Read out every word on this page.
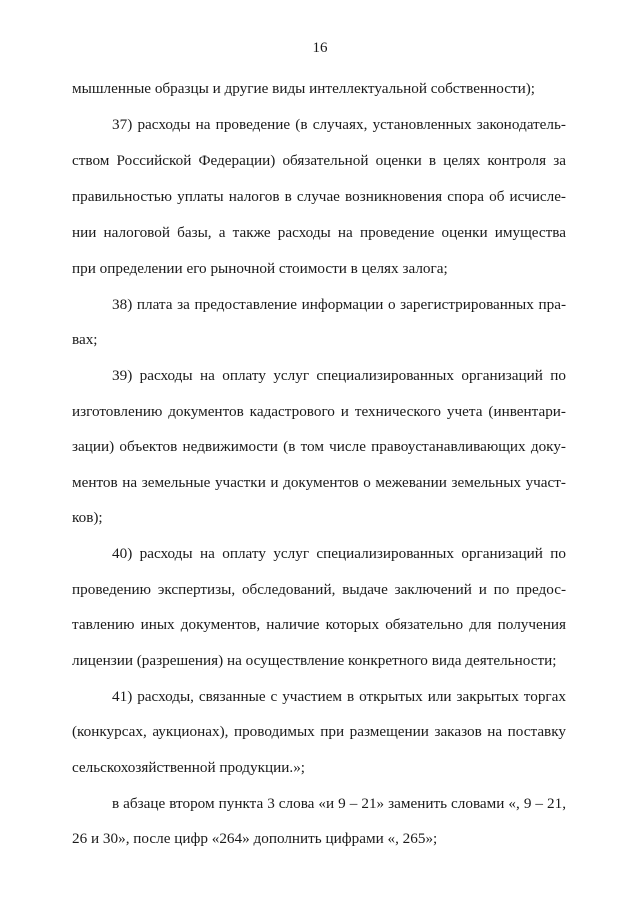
16
мышленные образцы и другие виды интеллектуальной собственности);
37) расходы на проведение (в случаях, установленных законодатель-
ством Российской Федерации) обязательной оценки в целях контроля за
правильностью уплаты налогов в случае возникновения спора об исчисле-
нии налоговой базы, а также расходы на проведение оценки имущества
при определении его рыночной стоимости в целях залога;
38) плата за предоставление информации о зарегистрированных пра-
вах;
39) расходы на оплату услуг специализированных организаций по
изготовлению документов кадастрового и технического учета (инвентари-
зации) объектов недвижимости (в том числе правоустанавливающих доку-
ментов на земельные участки и документов о межевании земельных участ-
ков);
40) расходы на оплату услуг специализированных организаций по
проведению экспертизы, обследований, выдаче заключений и по предос-
тавлению иных документов, наличие которых обязательно для получения
лицензии (разрешения) на осуществление конкретного вида деятельности;
41) расходы, связанные с участием в открытых или закрытых торгах
(конкурсах, аукционах), проводимых при размещении заказов на поставку
сельскохозяйственной продукции.»;
в абзаце втором пункта 3 слова «и 9 – 21» заменить словами «, 9 – 21,
26 и 30», после цифр «264» дополнить цифрами «, 265»;
